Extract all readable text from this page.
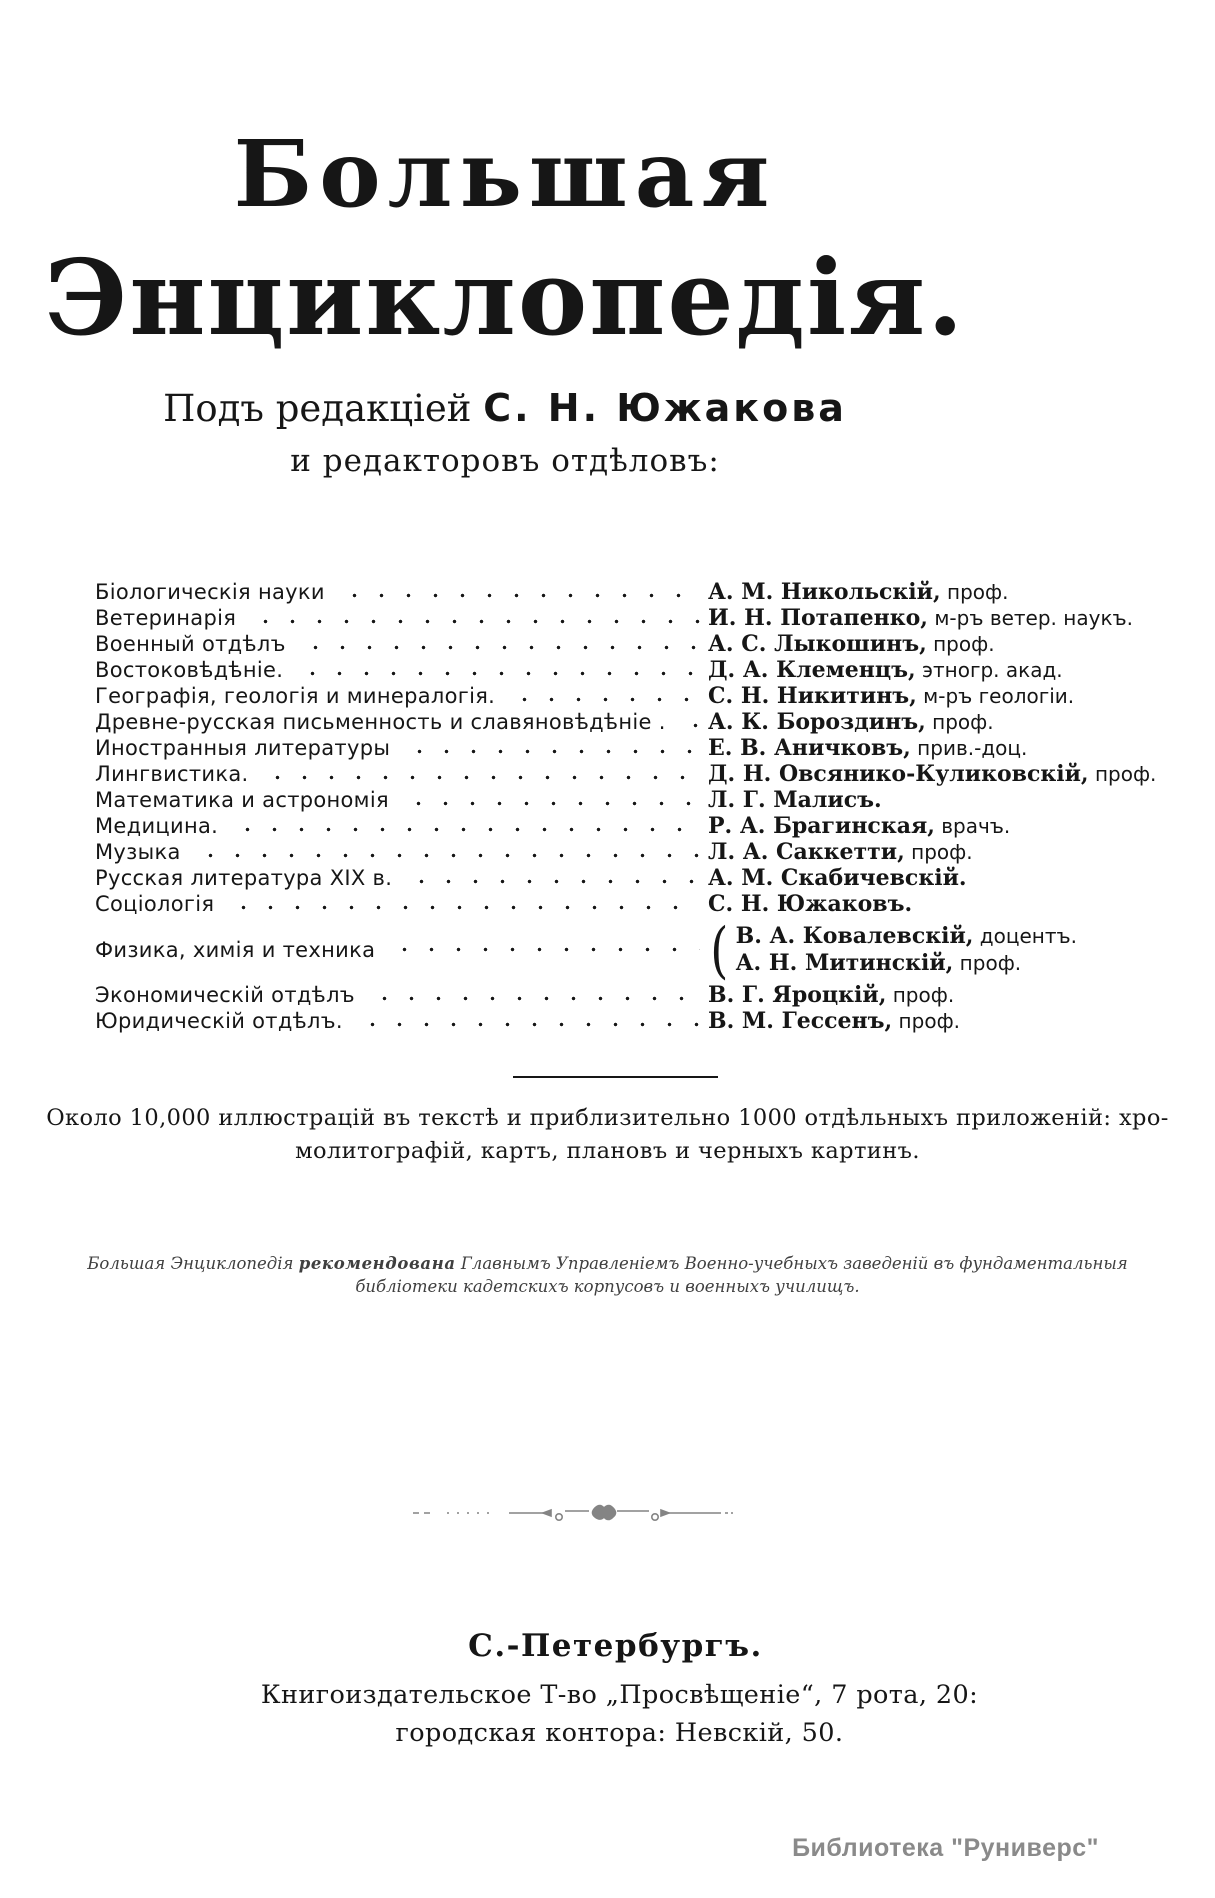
Большая
Энциклопедія.
Подъ редакціей С. Н. Южакова
и редакторовъ отдѣловъ:
Біологическія науки	А. М. Никольскій, проф.
Ветеринарія	И. Н. Потапенко, м-ръ ветер. наукъ.
Военный отдѣлъ	А. С. Лыкошинъ, проф.
Востоковѣдѣніе.	Д. А. Клеменцъ, этногр. акад.
Географія, геологія и минералогія.	С. Н. Никитинъ, м-ръ геологіи.
Древне-русская письменность и славяновѣдѣніе . А. К. Бороздинъ, проф.
Иностранныя литературы	Е. В. Аничковъ, прив.-доц.
Лингвистика.	Д. Н. Овсянико-Куликовскій, проф.
Математика и астрономія	Л. Г. Малисъ.
Медицина.	Р. А. Брагинская, врачъ.
Музыка	Л. А. Саккетти, проф.
Русская литература XIX в.	А. М. Скабичевскій.
Соціологія	С. Н. Южаковъ.
Физика, химія и техника	( В. А. Ковалевскій, доцентъ.
А. Н. Митинскій, проф.
Экономическій отдѣлъ	В. Г. Яроцкій, проф.
Юридическій отдѣлъ.	В. М. Гессенъ, проф.
Около 10,000 иллюстрацій въ текстѣ и приблизительно 1000 отдѣльныхъ приложеній: хро-
молитографій, картъ, плановъ и черныхъ картинъ.
Большая Энциклопедія рекомендована Главнымъ Управленіемъ Военно-учебныхъ заведеній въ фундаментальныя
библіотеки кадетскихъ корпусовъ и военныхъ училищъ.
С.-Петербургъ.
Книгоиздательское Т-во „Просвѣщеніе“, 7 рота, 20:
городская контора: Невскій, 50.
Библиотека "Руниверс"
